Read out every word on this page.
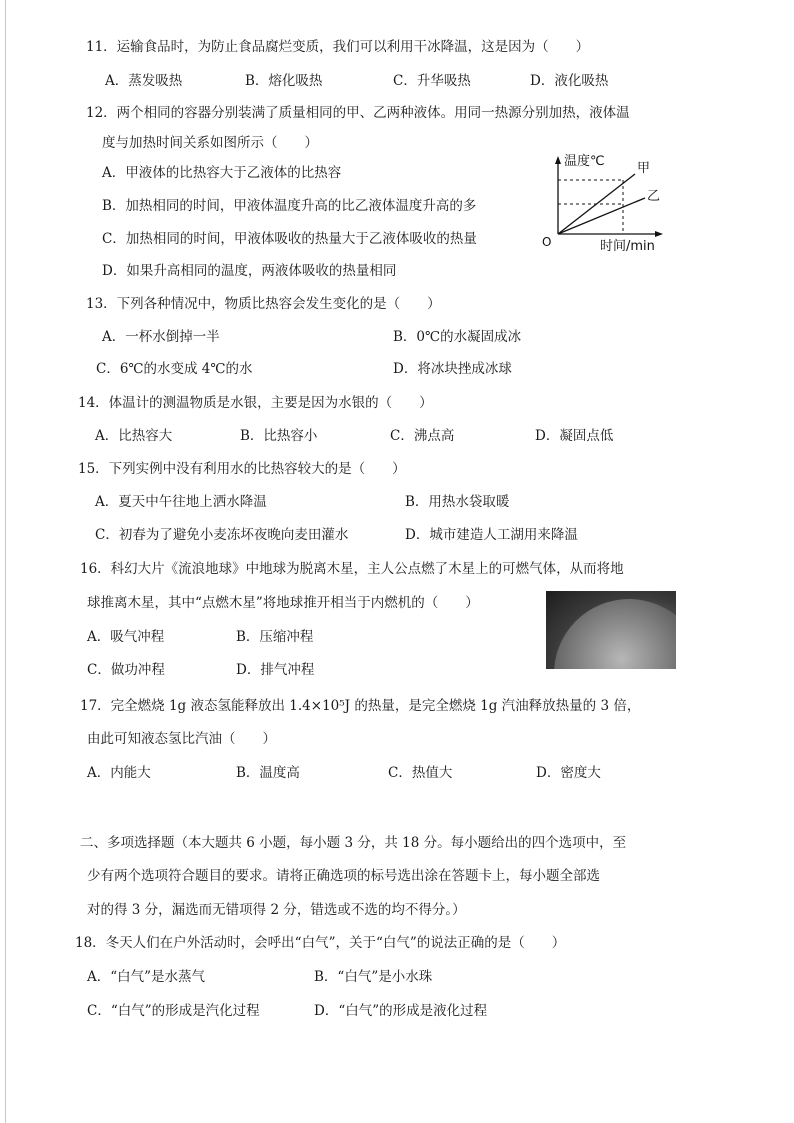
11．运输食品时，为防止食品腐烂变质，我们可以利用干冰降温，这是因为（　　）
A．蒸发吸热	B．熔化吸热	C．升华吸热	D．液化吸热
12．两个相同的容器分别装满了质量相同的甲、乙两种液体。用同一热源分别加热，液体温
度与加热时间关系如图所示（　　）
A．甲液体的比热容大于乙液体的比热容
B．加热相同的时间，甲液体温度升高的比乙液体温度升高的多
C．加热相同的时间，甲液体吸收的热量大于乙液体吸收的热量
D．如果升高相同的温度，两液体吸收的热量相同
温度℃ 甲
乙
O	时间/min
13．下列各种情况中，物质比热容会发生变化的是（　　）
A．一杯水倒掉一半	B．0℃的水凝固成冰
C．6℃的水变成 4℃的水	D．将冰块挫成冰球
14．体温计的测温物质是水银，主要是因为水银的（　　）
A．比热容大	B．比热容小	C．沸点高	D．凝固点低
15．下列实例中没有利用水的比热容较大的是（　　）
A．夏天中午往地上洒水降温	B．用热水袋取暖
C．初春为了避免小麦冻坏夜晚向麦田灌水	D．城市建造人工湖用来降温
16．科幻大片《流浪地球》中地球为脱离木星，主人公点燃了木星上的可燃气体，从而将地
球推离木星，其中“点燃木星”将地球推开相当于内燃机的（　　）
A．吸气冲程	B．压缩冲程
C．做功冲程	D．排气冲程
17．完全燃烧 1g 液态氢能释放出 1.4×10⁵J 的热量，是完全燃烧 1g 汽油释放热量的 3 倍，
由此可知液态氢比汽油（　　）
A．内能大	B．温度高	C．热值大	D．密度大
二、多项选择题（本大题共 6 小题，每小题 3 分，共 18 分。每小题给出的四个选项中，至
少有两个选项符合题目的要求。请将正确选项的标号选出涂在答题卡上，每小题全部选
对的得 3 分，漏选而无错项得 2 分，错选或不选的均不得分。）
18．冬天人们在户外活动时，会呼出“白气”，关于“白气”的说法正确的是（　　）
A．“白气”是水蒸气	B．“白气”是小水珠
C．“白气”的形成是汽化过程	D．“白气”的形成是液化过程
